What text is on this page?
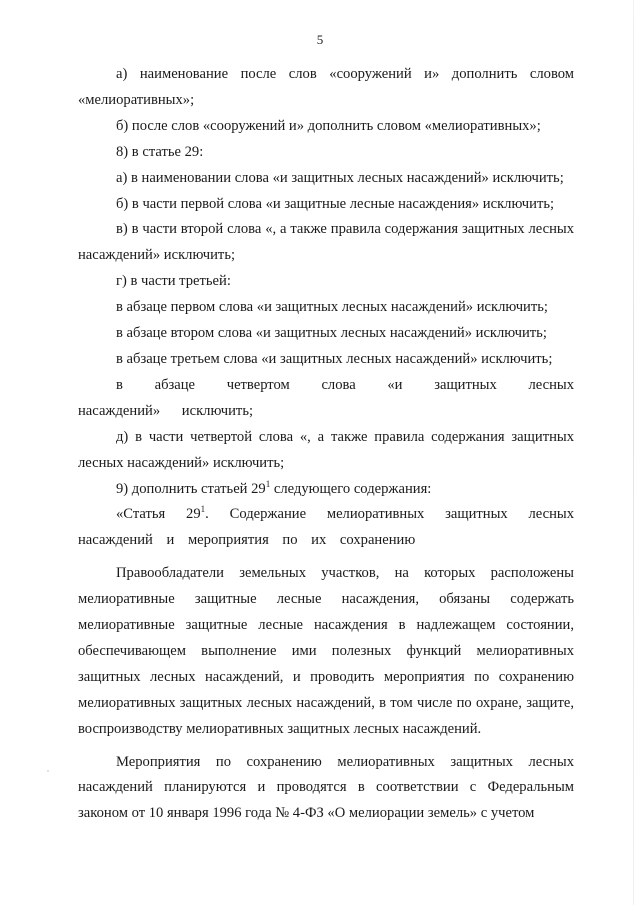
5

а) наименование после слов «сооружений и» дополнить словом «мелиоративных»;

б) после слов «сооружений и» дополнить словом «мелиоративных»;

8) в статье 29:

а) в наименовании слова «и защитных лесных насаждений» исключить;

б) в части первой слова «и защитные лесные насаждения» исключить;

в) в части второй слова «, а также правила содержания защитных лесных насаждений» исключить;

г) в части третьей:

в абзаце первом слова «и защитных лесных насаждений» исключить;

в абзаце втором слова «и защитных лесных насаждений» исключить;

в абзаце третьем слова «и защитных лесных насаждений» исключить;

в абзаце четвертом слова «и защитных лесных насаждений» исключить;

д) в части четвертой слова «, а также правила содержания защитных лесных насаждений» исключить;

9) дополнить статьей $29^1$ следующего содержания:

«Статья $29^1$. Содержание мелиоративных защитных лесных насаждений и мероприятия по их сохранению

Правообладатели земельных участков, на которых расположены мелиоративные защитные лесные насаждения, обязаны содержать мелиоративные защитные лесные насаждения в надлежащем состоянии, обеспечивающем выполнение ими полезных функций мелиоративных защитных лесных насаждений, и проводить мероприятия по сохранению мелиоративных защитных лесных насаждений, в том числе по охране, защите, воспроизводству мелиоративных защитных лесных насаждений.

Мероприятия по сохранению мелиоративных защитных лесных насаждений планируются и проводятся в соответствии с Федеральным законом от 10 января 1996 года № 4-ФЗ «О мелиорации земель» с учетом
